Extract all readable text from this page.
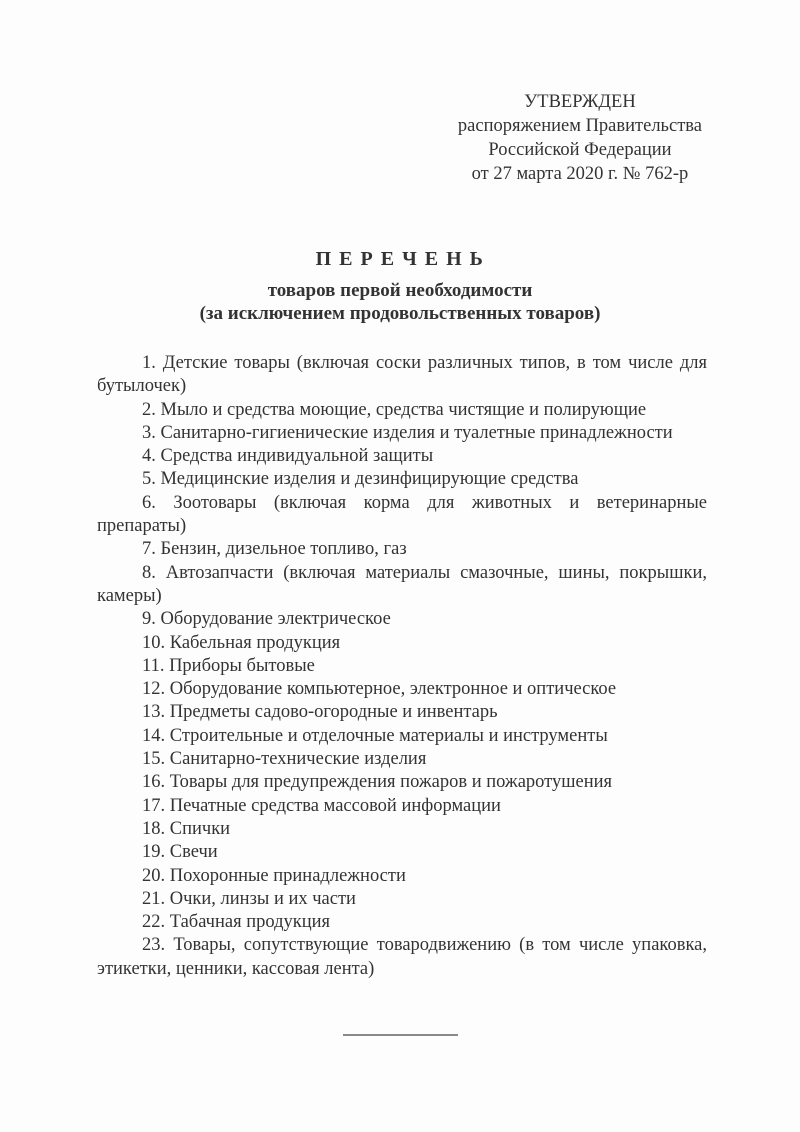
УТВЕРЖДЕН
распоряжением Правительства
Российской Федерации
от 27 марта 2020 г. № 762-р

П Е Р Е Ч Е Н Ь

товаров первой необходимости

(за исключением продовольственных товаров)

1. Детские товары (включая соски различных типов, в том числе для бутылочек)

2. Мыло и средства моющие, средства чистящие и полирующие

3. Санитарно-гигиенические изделия и туалетные принадлежности

4. Средства индивидуальной защиты

5. Медицинские изделия и дезинфицирующие средства

6. Зоотовары (включая корма для животных и ветеринарные препараты)

7. Бензин, дизельное топливо, газ

8. Автозапчасти (включая материалы смазочные, шины, покрышки, камеры)

9. Оборудование электрическое

10. Кабельная продукция

11. Приборы бытовые

12. Оборудование компьютерное, электронное и оптическое

13. Предметы садово-огородные и инвентарь

14. Строительные и отделочные материалы и инструменты

15. Санитарно-технические изделия

16. Товары для предупреждения пожаров и пожаротушения

17. Печатные средства массовой информации

18. Спички

19. Свечи

20. Похоронные принадлежности

21. Очки, линзы и их части

22. Табачная продукция

23. Товары, сопутствующие товародвижению (в том числе упаковка, этикетки, ценники, кассовая лента)
